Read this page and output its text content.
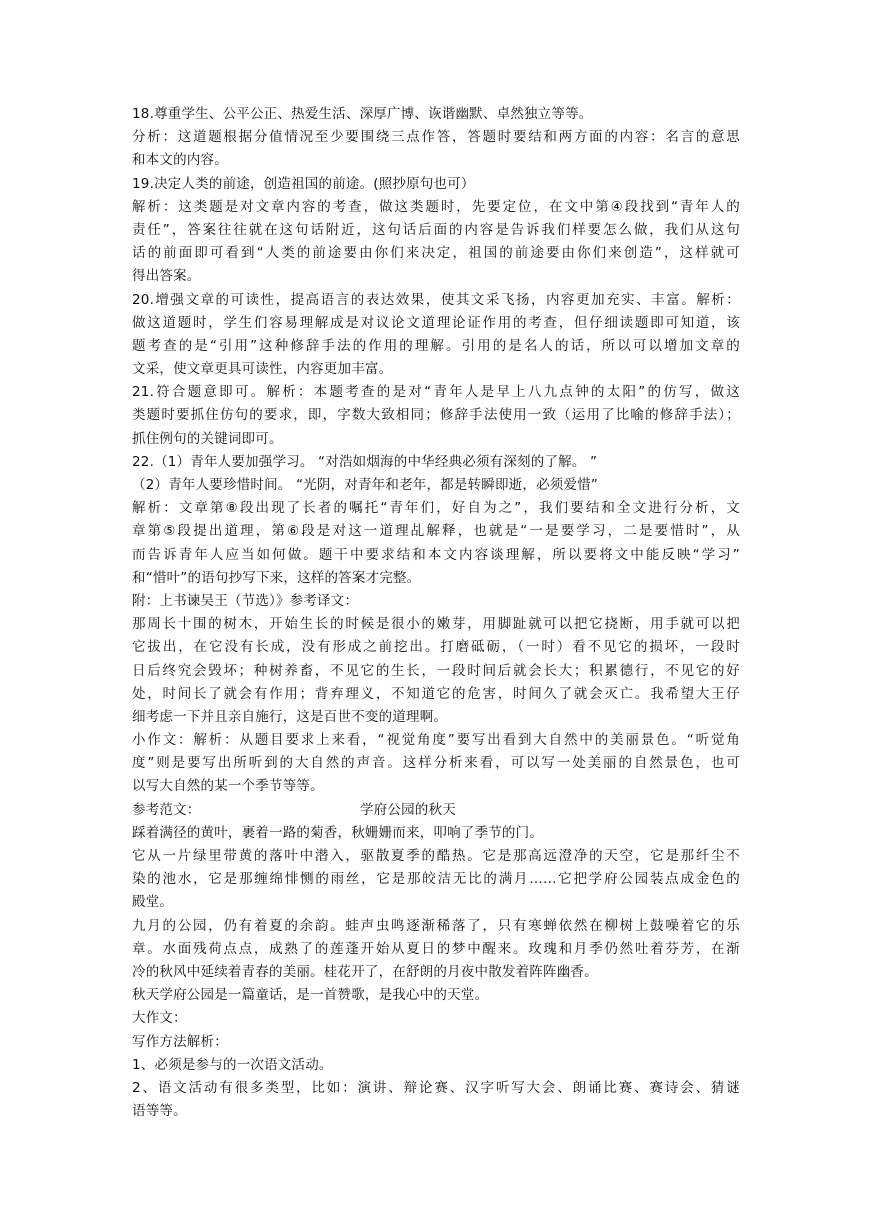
18.尊重学生、公平公正、热爱生活、深厚广博、诙谐幽默、卓然独立等等。
分析：这道题根据分值情况至少要围绕三点作答，答题时要结和两方面的内容：名言的意思
和本文的内容。
19.决定人类的前途，创造祖国的前途。(照抄原句也可）
解析：这类题是对文章内容的考查，做这类题时，先要定位，在文中第④段找到“青年人的
责任”，答案往往就在这句话附近，这句话后面的内容是告诉我们样要怎么做，我们从这句
话的前面即可看到“人类的前途要由你们来决定，祖国的前途要由你们来创造”，这样就可
得出答案。
20.增强文章的可读性，提高语言的表达效果，使其文采飞扬，内容更加充实、丰富。解析：
做这道题时，学生们容易理解成是对议论文道理论证作用的考查，但仔细读题即可知道，该
题考查的是“引用”这种修辞手法的作用的理解。引用的是名人的话，所以可以增加文章的
文采，使文章更具可读性，内容更加丰富。
21.符合题意即可。解析：本题考查的是对“青年人是早上八九点钟的太阳”的仿写，做这
类题时要抓住仿句的要求，即，字数大致相同；修辞手法使用一致（运用了比喻的修辞手法）；
抓住例句的关键词即可。
22.（1）青年人要加强学习。 “对浩如烟海的中华经典必须有深刻的了解。 ”
（2）青年人要珍惜时间。 “光阴，对青年和老年，都是转瞬即逝，必须爱惜”
解析：文章第⑧段出现了长者的嘱托“青年们，好自为之”，我们要结和全文进行分析，文
章第⑤段提出道理，第⑥段是对这一道理乩解释，也就是“一是要学习，二是要惜时”，从
而告诉青年人应当如何做。题干中要求结和本文内容谈理解，所以要将文中能反映“学习”
和“惜叶”的语句抄写下来，这样的答案才完整。
附：上书谏吴王（节选）》参考译文：
那周长十围的树木，开始生长的时候是很小的嫩芽，用脚趾就可以把它挠断，用手就可以把
它拔出，在它没有长成，没有形成之前挖出。打磨砥砺，（一时）看不见它的损坏，一段时
日后终究会毁坏；种树养畜，不见它的生长，一段时间后就会长大；积累德行，不见它的好
处，时间长了就会有作用；背弃理义，不知道它的危害，时间久了就会灭亡。我希望大王仔
细考虑一下并且亲自施行，这是百世不变的道理啊。
小作文：解析：从题目要求上来看，“视觉角度”要写出看到大自然中的美丽景色。“听觉角
度”则是要写出所听到的大自然的声音。这样分析来看，可以写一处美丽的自然景色，也可
以写大自然的某一个季节等等。
参考范文：	学府公园的秋天
踩着满径的黄叶，裹着一路的菊香，秋姗姗而来，叩响了季节的门。
它从一片绿里带黄的落叶中潜入，驱散夏季的酷热。它是那高远澄净的天空，它是那纤尘不
染的池水，它是那缠绵悱恻的雨丝，它是那皎洁无比的满月……它把学府公园装点成金色的
殿堂。
九月的公园，仍有着夏的余韵。蛙声虫鸣逐渐稀落了，只有寒蝉依然在柳树上鼓噪着它的乐
章。水面残荷点点，成熟了的莲蓬开始从夏日的梦中醒来。玫瑰和月季仍然吐着芬芳，在渐
冷的秋风中延续着青春的美丽。桂花开了，在舒朗的月夜中散发着阵阵幽香。
秋天学府公园是一篇童话，是一首赞歌，是我心中的天堂。
大作文：
写作方法解析：
1、必须是参与的一次语文活动。
2、语文活动有很多类型，比如：演讲、辩论赛、汉字听写大会、朗诵比赛、赛诗会、猜谜
语等等。
